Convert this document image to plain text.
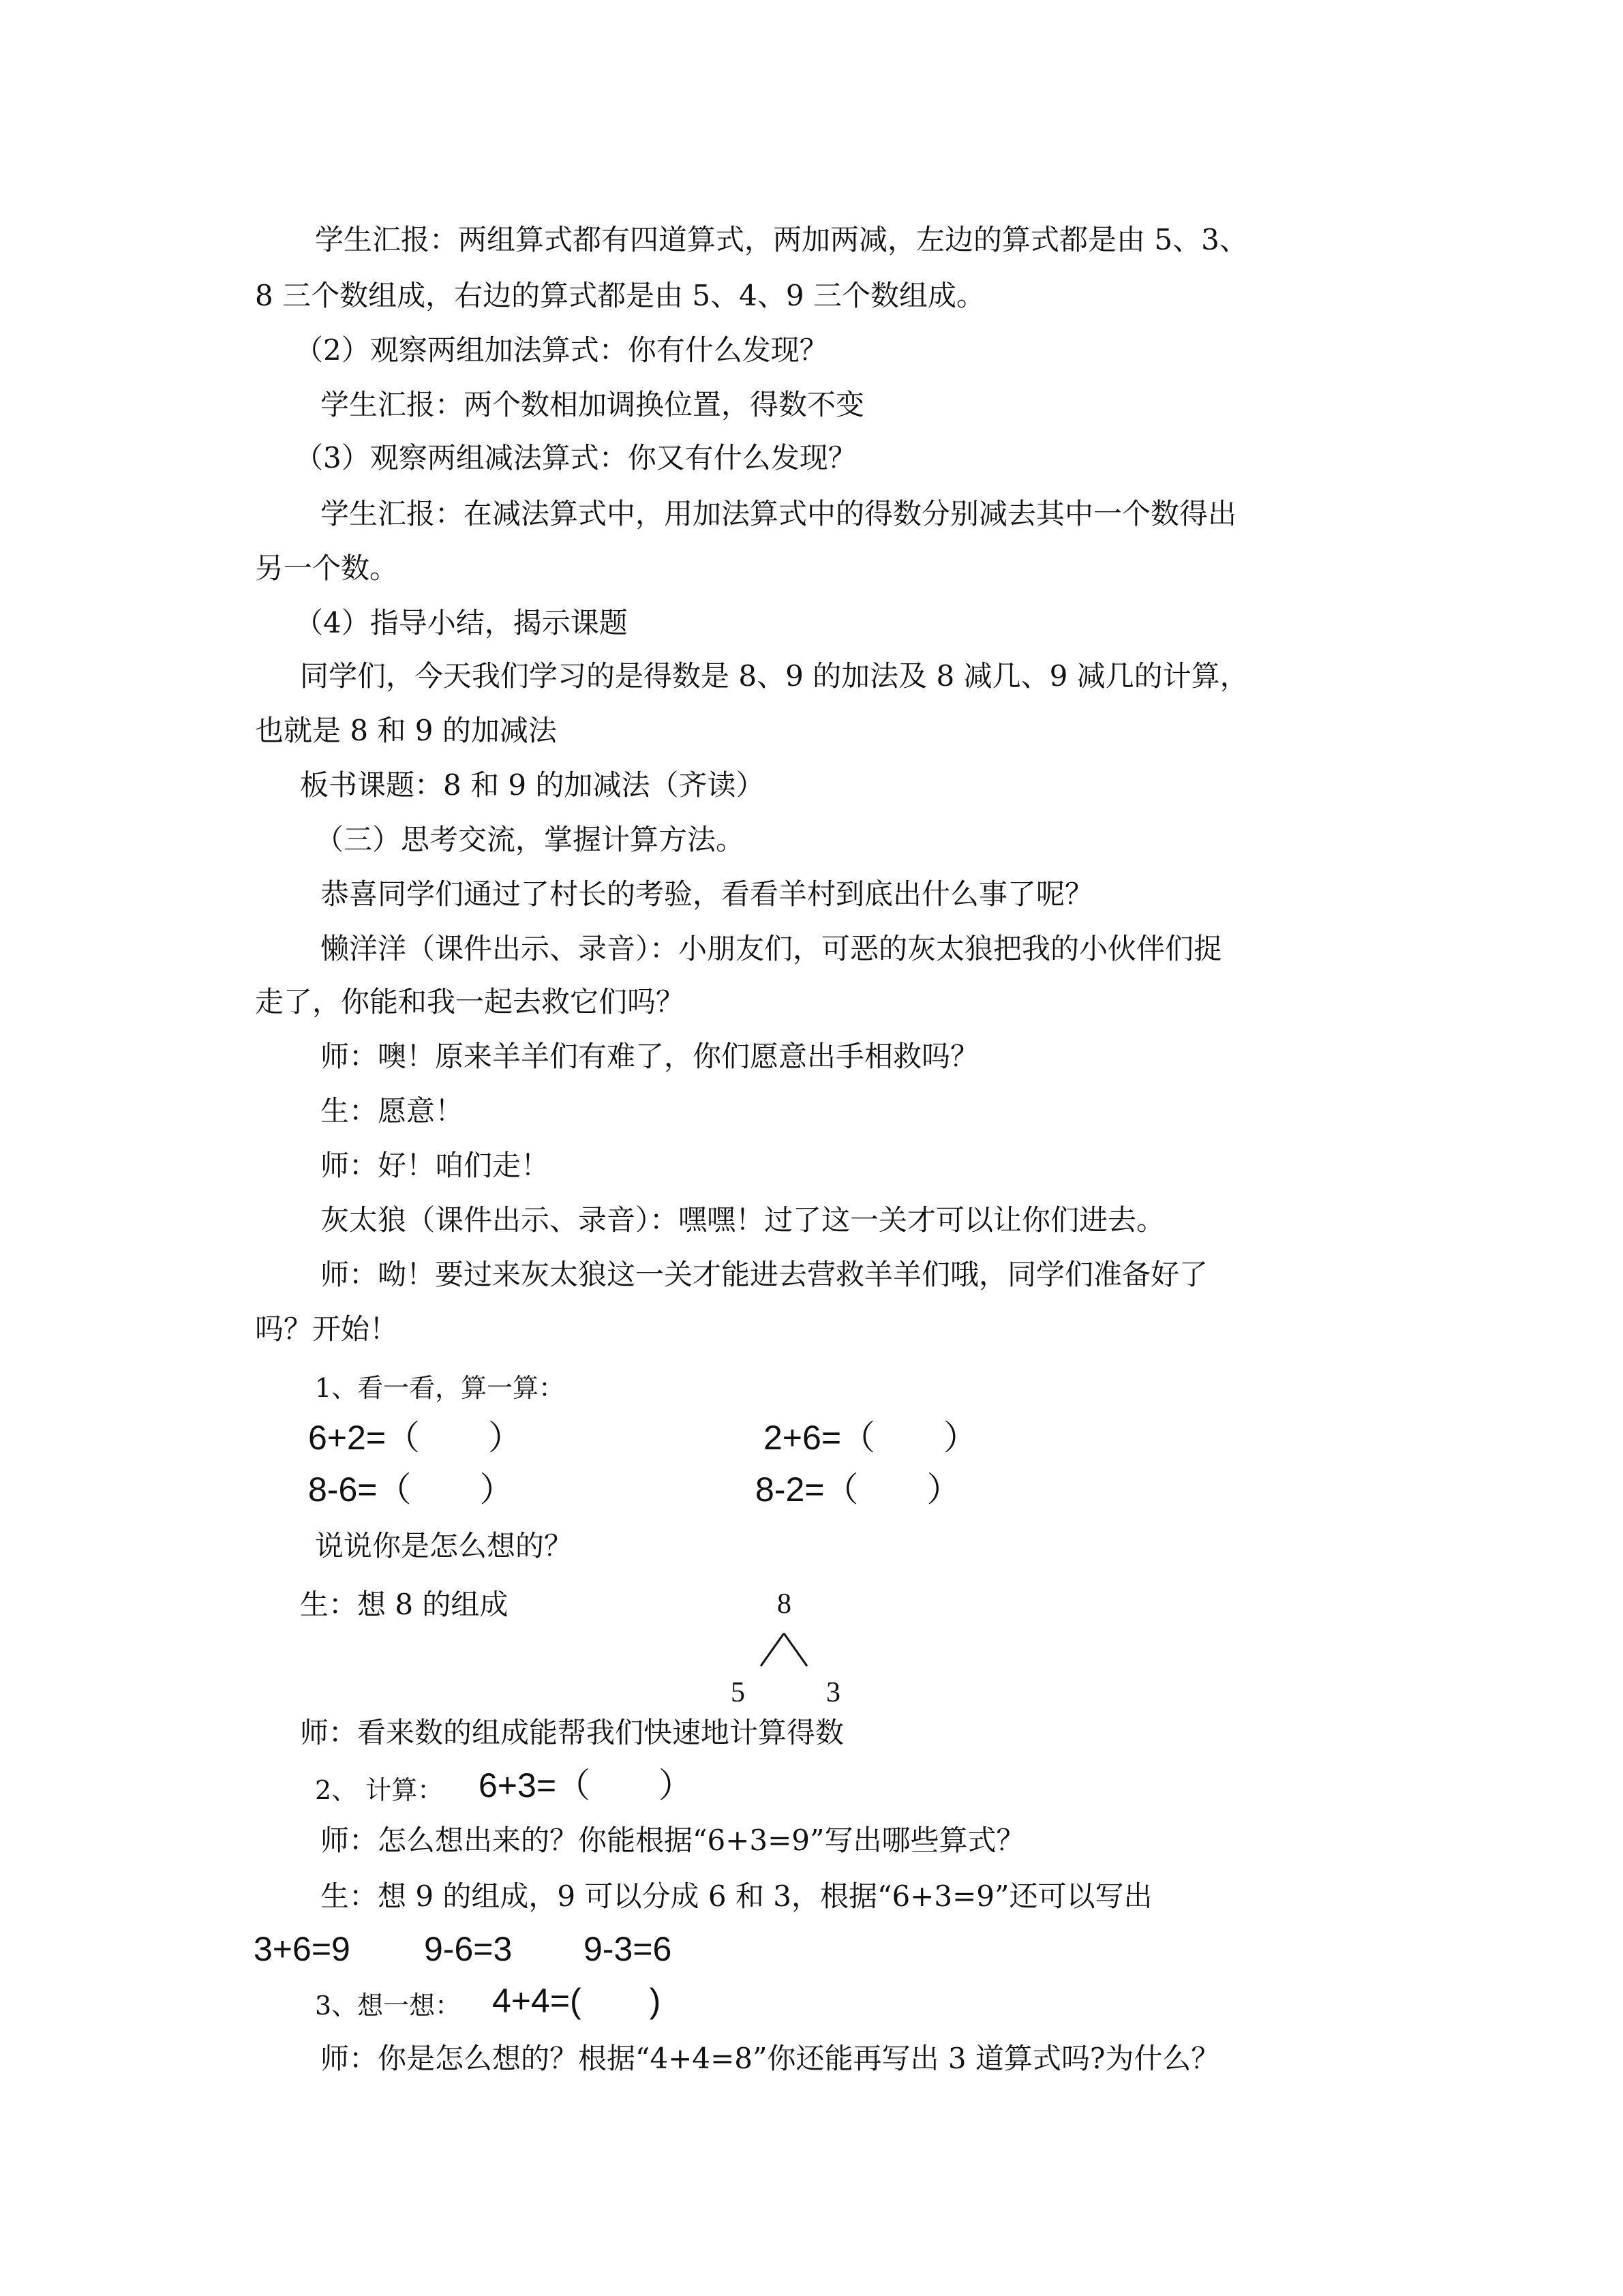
学生汇报：两组算式都有四道算式，两加两减，左边的算式都是由 5、3、
8 三个数组成，右边的算式都是由 5、4、9 三个数组成。
（2）观察两组加法算式：你有什么发现？
学生汇报：两个数相加调换位置，得数不变
（3）观察两组减法算式：你又有什么发现？
学生汇报：在减法算式中，用加法算式中的得数分别减去其中一个数得出
另一个数。
（4）指导小结，揭示课题
同学们，今天我们学习的是得数是 8、9 的加法及 8 减几、9 减几的计算，
也就是 8 和 9 的加减法
板书课题：8 和 9 的加减法（齐读）
（三）思考交流，掌握计算方法。
恭喜同学们通过了村长的考验，看看羊村到底出什么事了呢？
懒洋洋（课件出示、录音）：小朋友们，可恶的灰太狼把我的小伙伴们捉
走了，你能和我一起去救它们吗？
师：噢！原来羊羊们有难了，你们愿意出手相救吗？
生：愿意！
师：好！咱们走！
灰太狼（课件出示、录音）：嘿嘿！过了这一关才可以让你们进去。
师：呦！要过来灰太狼这一关才能进去营救羊羊们哦，同学们准备好了
吗？开始！
1、看一看，算一算：
6+2=（　　）	2+6=（　　）
8-6=（　　）	8-2=（　　）
说说你是怎么想的？
生：想 8 的组成	8
5	3
师：看来数的组成能帮我们快速地计算得数
2、 计算： 6+3=（　　）
师：怎么想出来的？你能根据“6+3=9”写出哪些算式？
生：想 9 的组成，9 可以分成 6 和 3，根据“6+3=9”还可以写出
3+6=9 9-6=3 9-3=6
3、想一想： 4+4=(　　)
师：你是怎么想的？根据“4+4=8”你还能再写出 3 道算式吗?为什么？
